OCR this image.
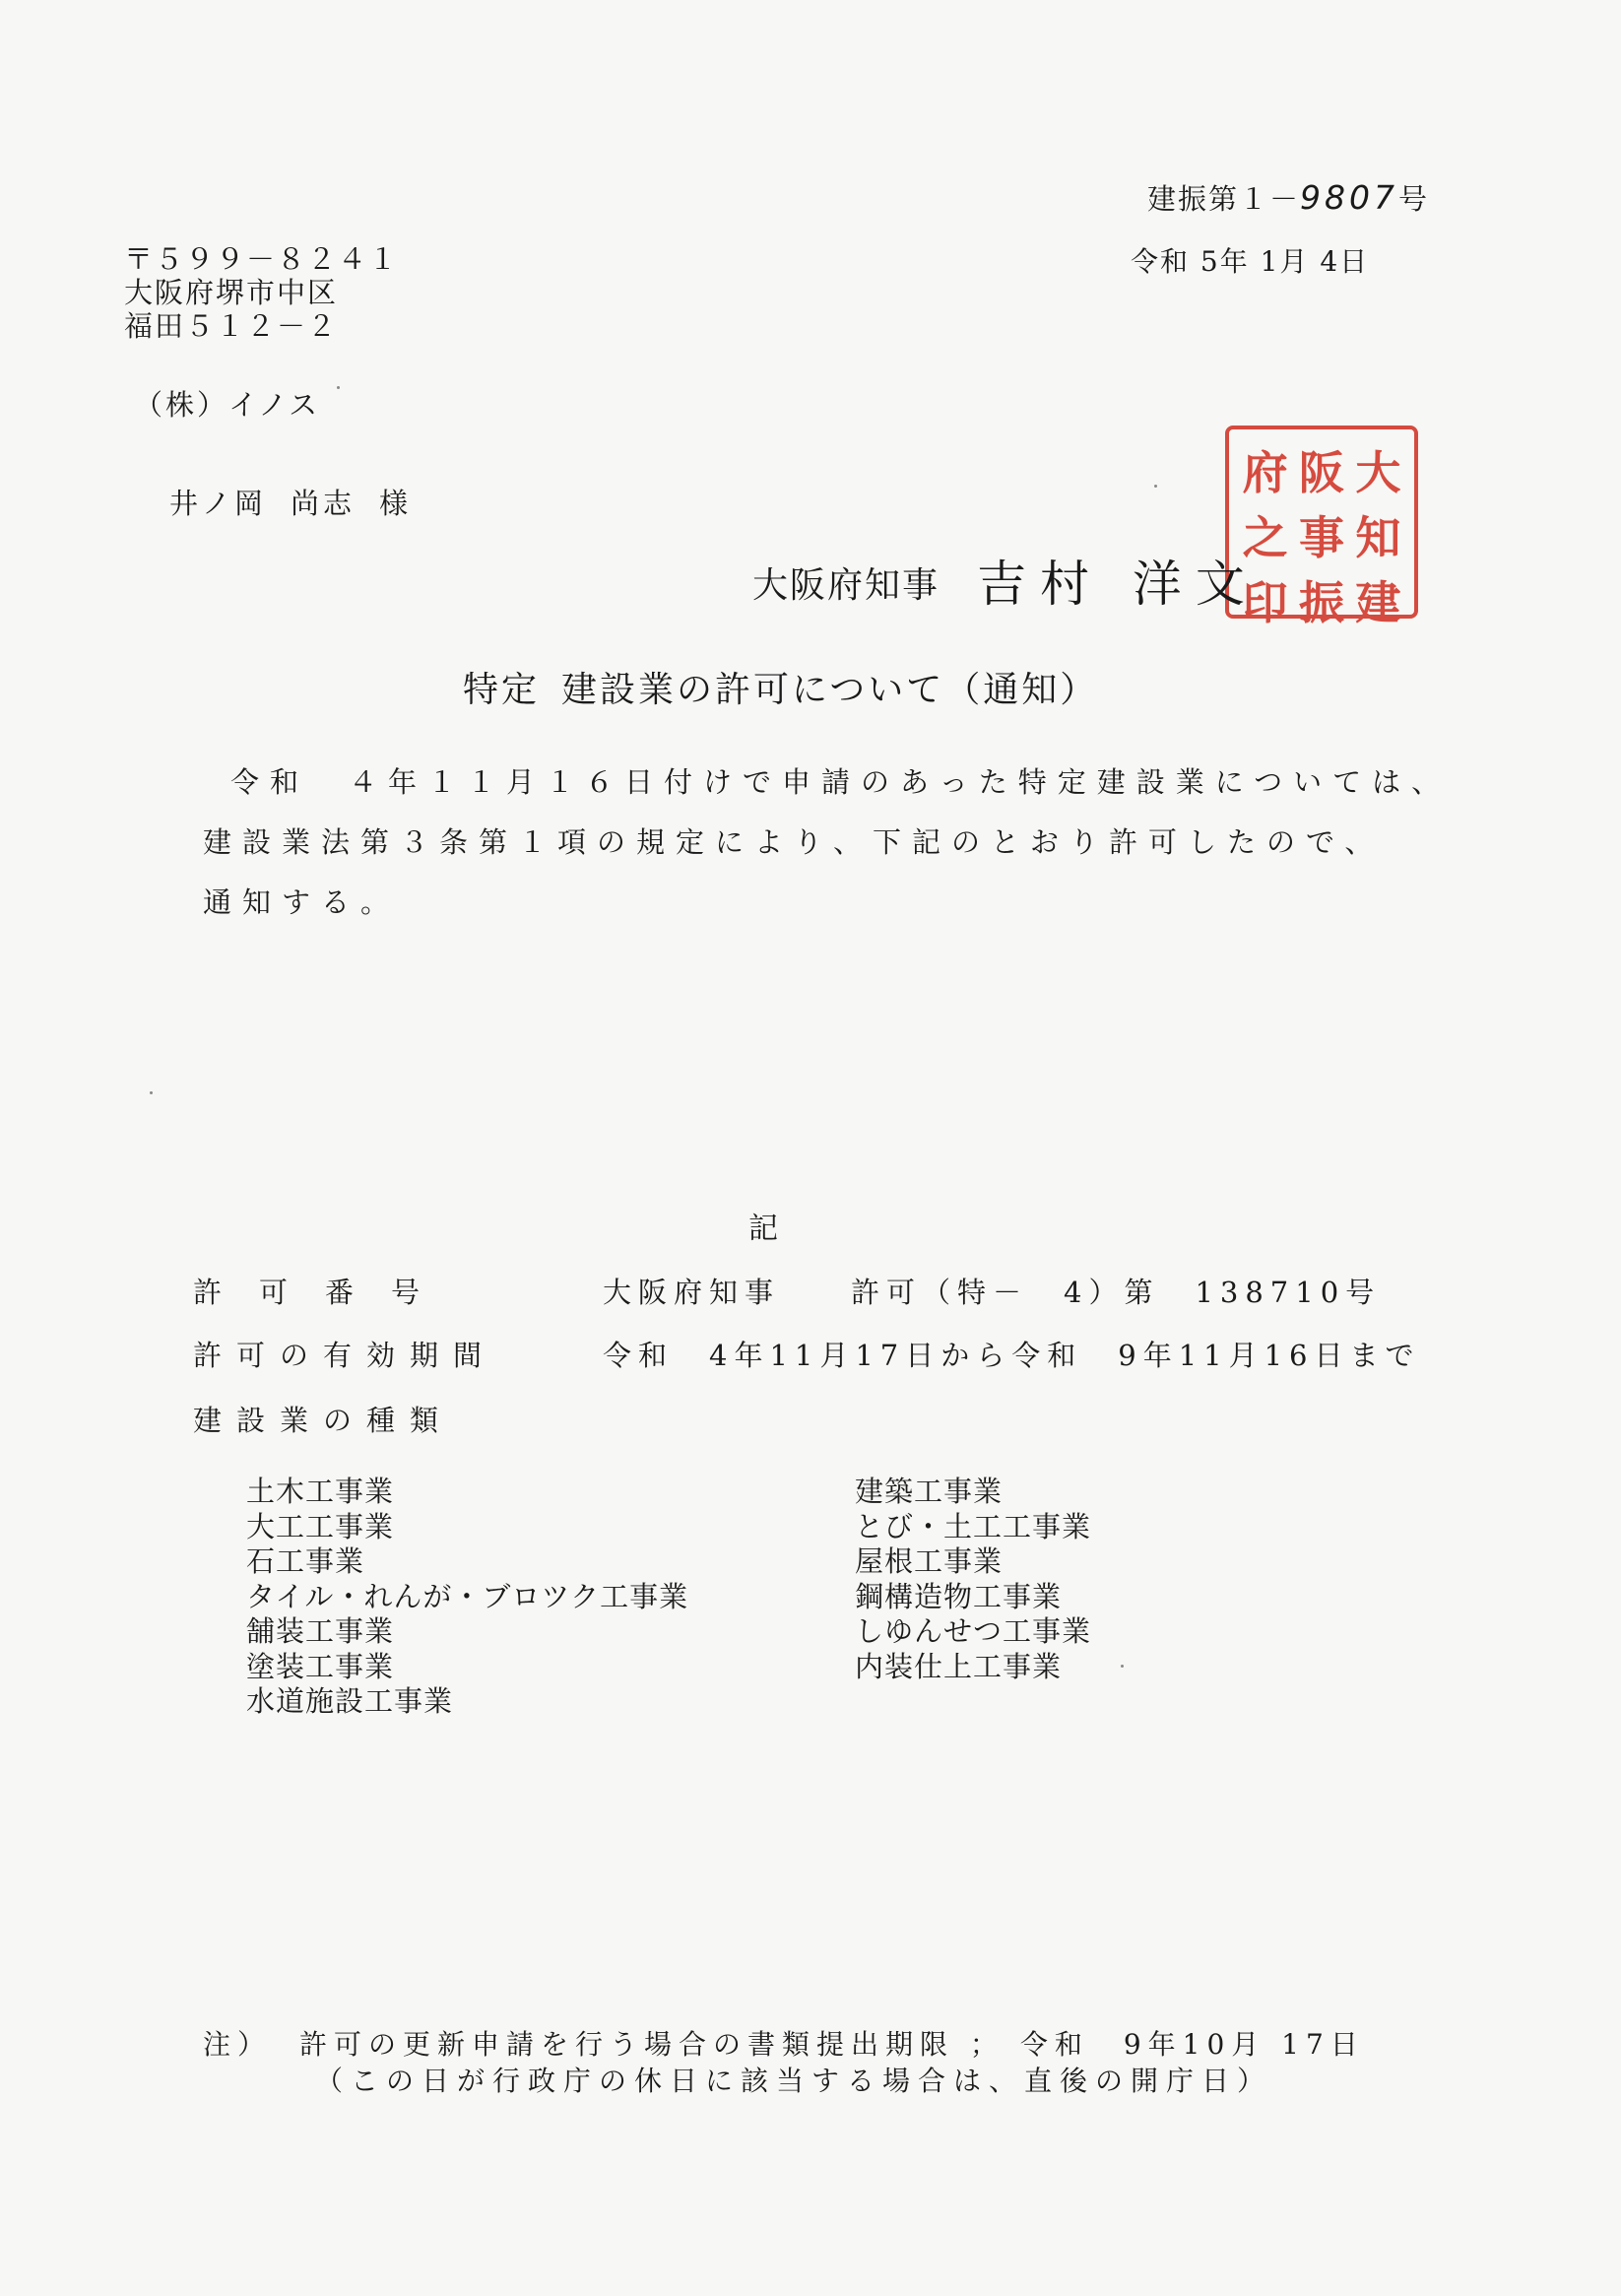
建振第１－9807号
令和 5年 1月 4日
〒５９９－８２４１
大阪府堺市中区
福田５１２－２
（株）イノス
井ノ岡 尚志 様
府 阪 大
之 事 知
印 振 建
大阪府知事 吉村 洋文
特定 建設業の許可について（通知）
令和　４年１１月１６日付けで申請のあった特定建設業については、
建設業法第３条第１項の規定により、下記のとおり許可したので、
通知する。
記
許可番号	大阪府知事　　許可（特－　4）第　138710号
許可の有効期間	令和　4年11月17日から令和　9年11月16日まで
建設業の種類
土木工事業
大工工事業
石工事業
タイル・れんが・ブロツク工事業
舗装工事業
塗装工事業
水道施設工事業
建築工事業
とび・土工工事業
屋根工事業
鋼構造物工事業
しゆんせつ工事業
内装仕上工事業
注） 許可の更新申請を行う場合の書類提出期限 ； 令和　9年10月 17日
（この日が行政庁の休日に該当する場合は、直後の開庁日）
